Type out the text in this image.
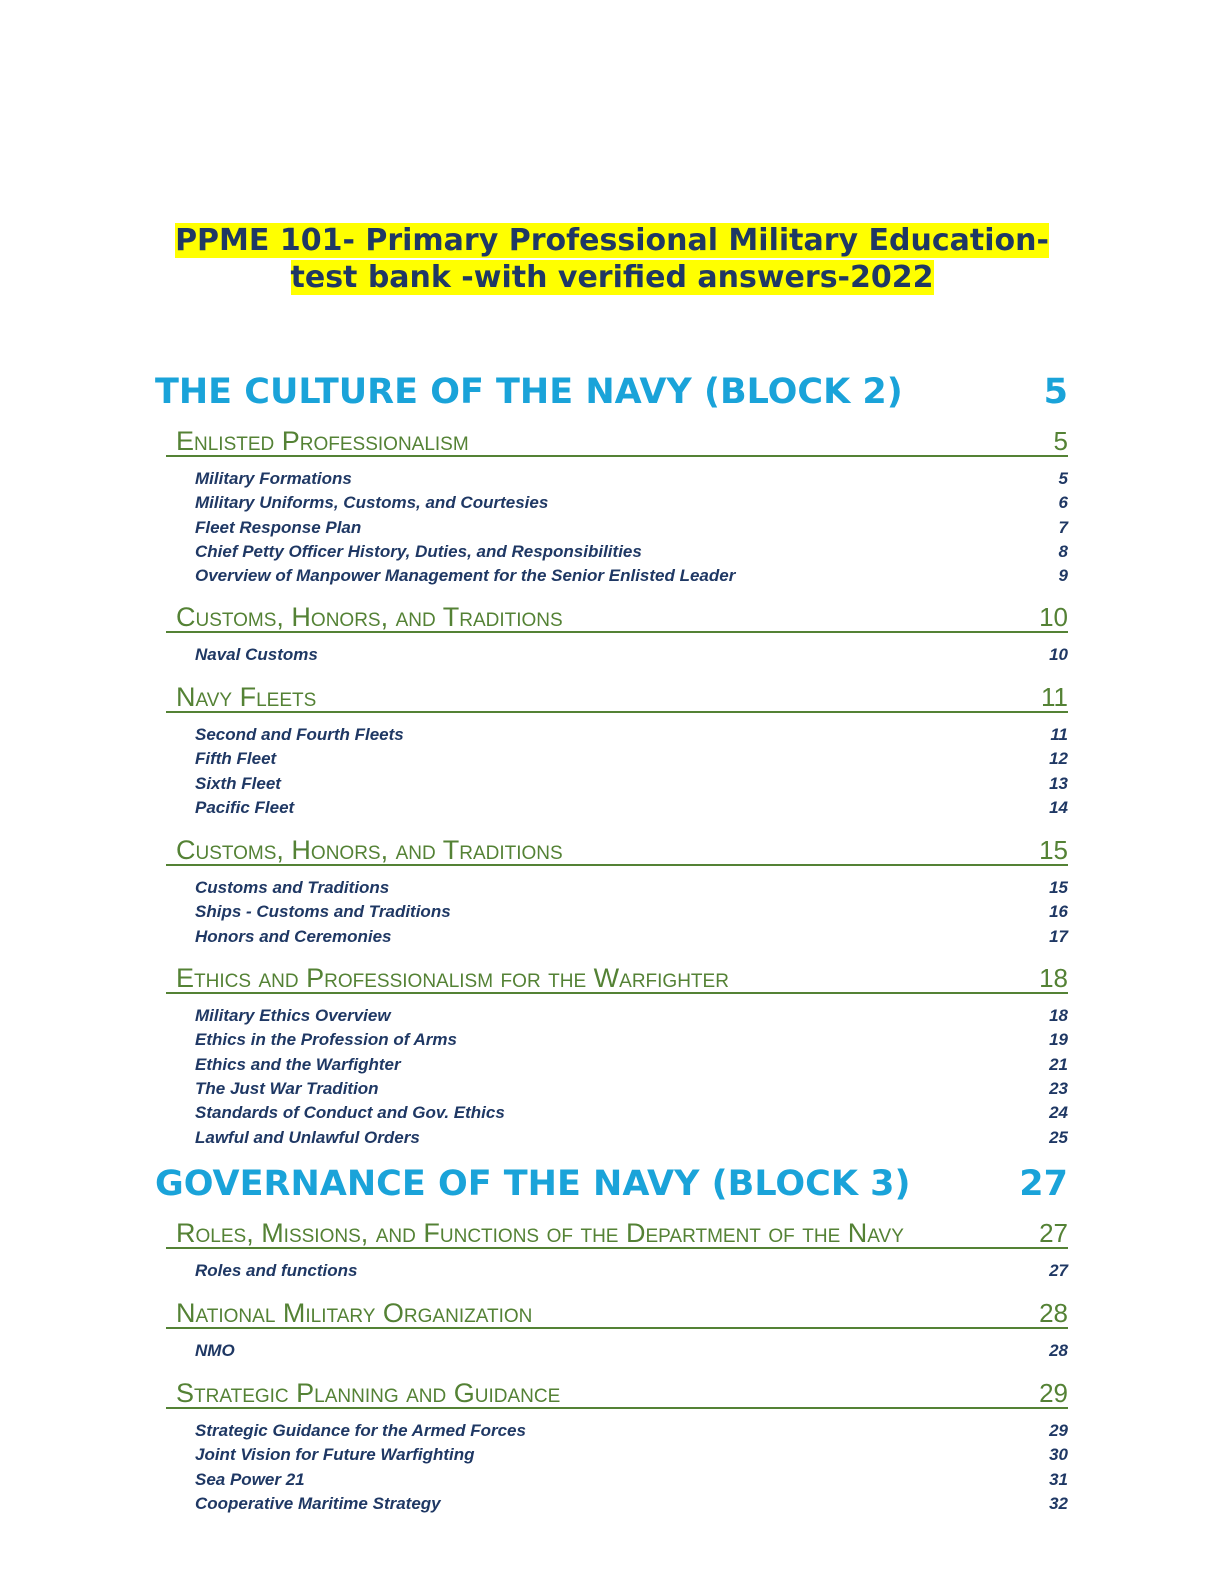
PPME 101- Primary Professional Military Education-
test bank -with verified answers-2022
THE CULTURE OF THE NAVY (BLOCK 2)	5
Enlisted Professionalism	5
Military Formations	5
Military Uniforms, Customs, and Courtesies	6
Fleet Response Plan	7
Chief Petty Officer History, Duties, and Responsibilities	8
Overview of Manpower Management for the Senior Enlisted Leader	9
Customs, Honors, and Traditions	10
Naval Customs	10
Navy Fleets	11
Second and Fourth Fleets	11
Fifth Fleet	12
Sixth Fleet	13
Pacific Fleet	14
Customs, Honors, and Traditions	15
Customs and Traditions	15
Ships - Customs and Traditions	16
Honors and Ceremonies	17
Ethics and Professionalism for the Warfighter	18
Military Ethics Overview	18
Ethics in the Profession of Arms	19
Ethics and the Warfighter	21
The Just War Tradition	23
Standards of Conduct and Gov. Ethics	24
Lawful and Unlawful Orders	25
GOVERNANCE OF THE NAVY (BLOCK 3)	27
Roles, Missions, and Functions of the Department of the Navy	27
Roles and functions	27
National Military Organization	28
NMO	28
Strategic Planning and Guidance	29
Strategic Guidance for the Armed Forces	29
Joint Vision for Future Warfighting	30
Sea Power 21	31
Cooperative Maritime Strategy	32
